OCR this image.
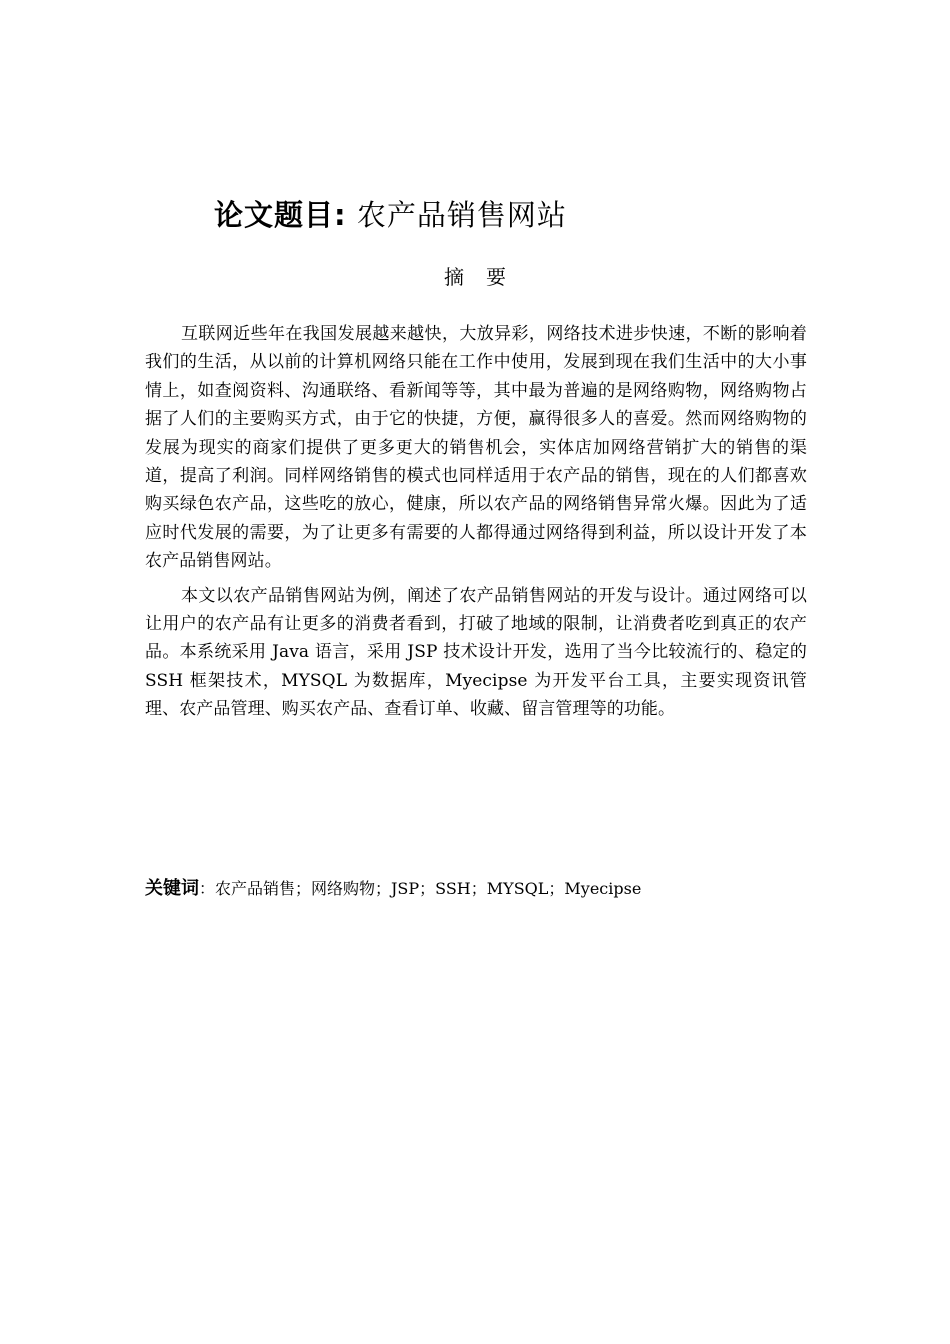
论文题目: 农产品销售网站
摘要

互联网近些年在我国发展越来越快，大放异彩，网络技术进步快速，不断的影响着我们的生活，从以前的计算机网络只能在工作中使用，发展到现在我们生活中的大小事情上，如查阅资料、沟通联络、看新闻等等，其中最为普遍的是网络购物，网络购物占据了人们的主要购买方式，由于它的快捷，方便，赢得很多人的喜爱。然而网络购物的发展为现实的商家们提供了更多更大的销售机会，实体店加网络营销扩大的销售的渠道，提高了利润。同样网络销售的模式也同样适用于农产品的销售，现在的人们都喜欢购买绿色农产品，这些吃的放心，健康，所以农产品的网络销售异常火爆。因此为了适应时代发展的需要，为了让更多有需要的人都得通过网络得到利益，所以设计开发了本农产品销售网站。

本文以农产品销售网站为例，阐述了农产品销售网站的开发与设计。通过网络可以让用户的农产品有让更多的消费者看到，打破了地域的限制，让消费者吃到真正的农产品。本系统采用 Java 语言，采用 JSP 技术设计开发，选用了当今比较流行的、稳定的 SSH 框架技术，MYSQL 为数据库，Myecipse 为开发平台工具，主要实现资讯管理、农产品管理、购买农产品、查看订单、收藏、留言管理等的功能。

关键词：农产品销售；网络购物；JSP；SSH；MYSQL；Myecipse
